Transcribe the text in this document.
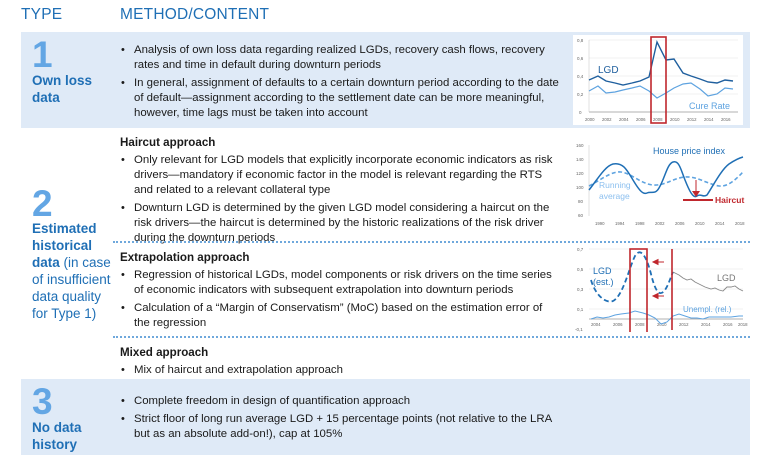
TYPE	METHOD/CONTENT
1
Own loss
data
• Analysis of own loss data regarding realized LGDs, recovery cash flows, recovery rates and time in default during downturn periods
• In general, assignment of defaults to a certain downturn period according to the date of default—assignment according to the settlement date can be more meaningful, however, time lags must be taken into account
0,8
0,6
0,4
0,2
0
2000 2002 2004 2006 2008 2010 2012 2014 2016
LGD
Cure Rate
2
Estimated
historical
data (in case
of insufficient
data quality
for Type 1)
Haircut approach
• Only relevant for LGD models that explicitly incorporate economic indicators as risk drivers—mandatory if economic factor in the model is relevant regarding the RTS and related to a relevant collateral type
• Downturn LGD is determined by the given LGD model considering a haircut on the risk drivers—the haircut is determined by the historic realizations of the risk driver during the downturn periods
160
140
120
100
80
60
1990 1994 1998 2002 2006 2010 2014 2018
House price index
Running
average	Haircut
Extrapolation approach
• Regression of historical LGDs, model components or risk drivers on the time series of economic indicators with subsequent extrapolation into downturn periods
• Calculation of a “Margin of Conservatism” (MoC) based on the estimation error of the regression
0,7
0,5
0,3
0,1
-0,1
2004	2006	2008	2010	2012	2014	2016 2018
LGD
(est.)	LGD
Unempl. (rel.)
Mixed approach
• Mix of haircut and extrapolation approach
3
No data
history
• Complete freedom in design of quantification approach
• Strict floor of long run average LGD + 15 percentage points (not relative to the LRA but as an absolute add-on!), cap at 105%
